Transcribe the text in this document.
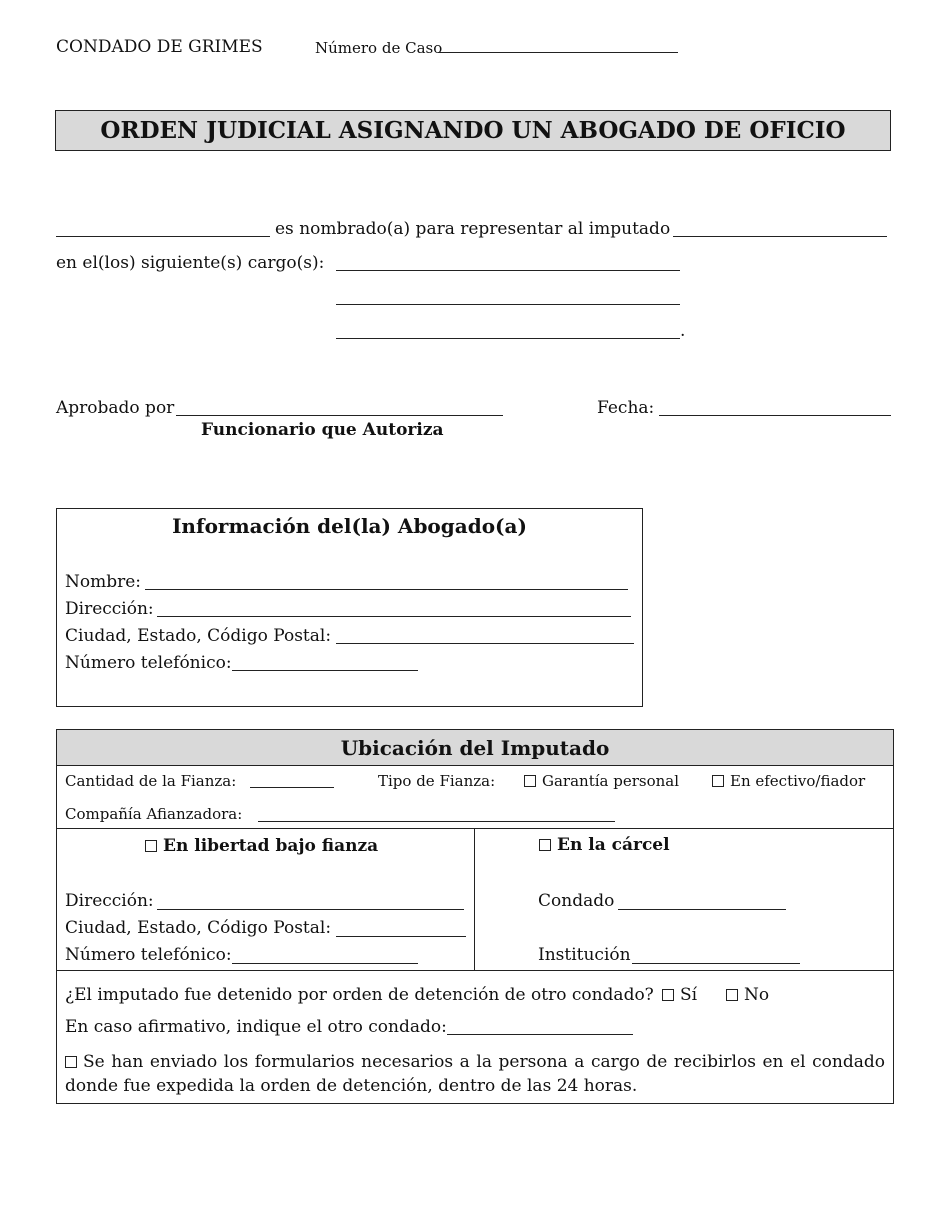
CONDADO DE GRIMES	Número de Caso
ORDEN JUDICIAL ASIGNANDO UN ABOGADO DE OFICIO
es nombrado(a) para representar al imputado
en el(los) siguiente(s) cargo(s):
.
Aprobado por
Funcionario que Autoriza
Fecha:
Información del(la) Abogado(a)
Nombre:
Dirección:
Ciudad, Estado, Código Postal:
Número telefónico:
Ubicación del Imputado
Cantidad de la Fianza:	Tipo de Fianza:	Garantía personal	En efectivo/fiador
Compañía Afianzadora:
En libertad bajo fianza
Dirección:
Ciudad, Estado, Código Postal:
Número telefónico:
En la cárcel
Condado
Institución
¿El imputado fue detenido por orden de detención de otro condado?	Sí	No
En caso afirmativo, indique el otro condado:
Se han enviado los formularios necesarios a la persona a cargo de recibirlos en el condado donde fue expedida la orden de detención, dentro de las 24 horas.
